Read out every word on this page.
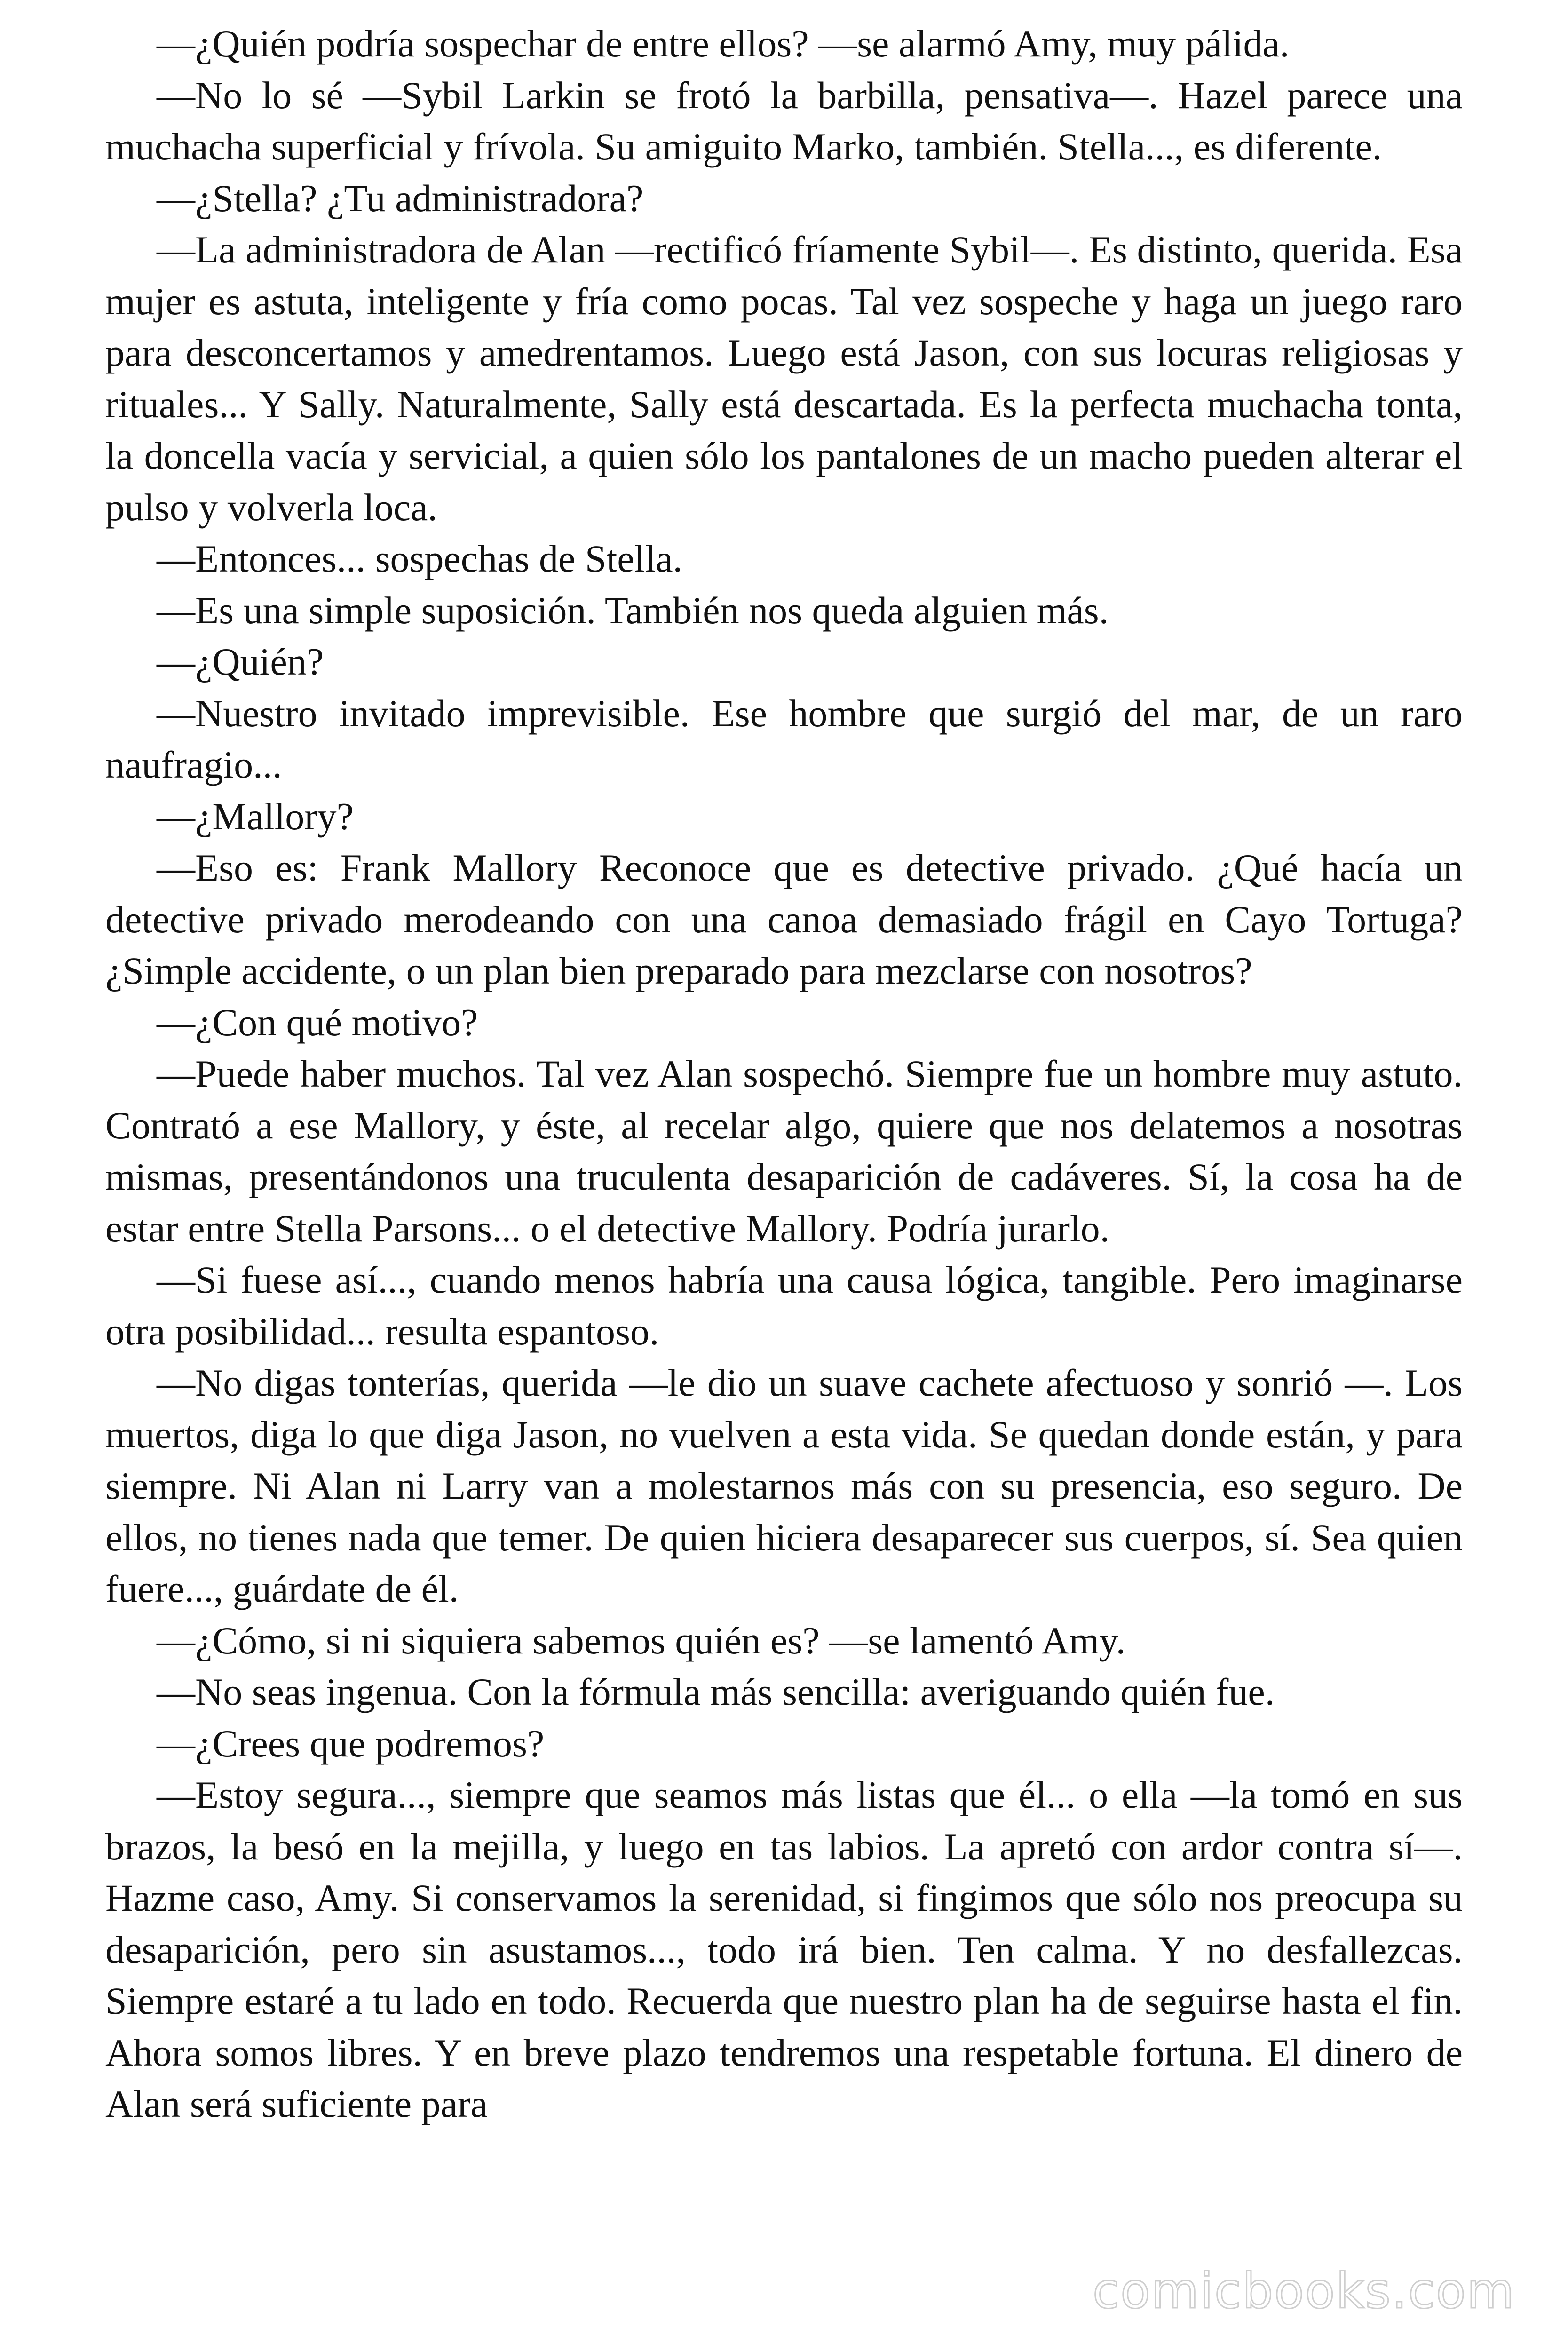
—¿Quién podría sospechar de entre ellos? —se alarmó Amy, muy pálida.

—No lo sé —Sybil Larkin se frotó la barbilla, pensativa—. Hazel parece una muchacha superficial y frívola. Su amiguito Marko, también. Stella..., es diferente.

—¿Stella? ¿Tu administradora?

—La administradora de Alan —rectificó fríamente Sybil—. Es distinto, querida. Esa mujer es astuta, inteligente y fría como pocas. Tal vez sospeche y haga un juego raro para desconcertamos y amedrentamos. Luego está Jason, con sus locuras religiosas y rituales... Y Sally. Naturalmente, Sally está descartada. Es la perfecta muchacha tonta, la doncella vacía y servicial, a quien sólo los pantalones de un macho pueden alterar el pulso y volverla loca.

—Entonces... sospechas de Stella.

—Es una simple suposición. También nos queda alguien más.

—¿Quién?

—Nuestro invitado imprevisible. Ese hombre que surgió del mar, de un raro naufragio...

—¿Mallory?

—Eso es: Frank Mallory Reconoce que es detective privado. ¿Qué hacía un detective privado merodeando con una canoa demasiado frágil en Cayo Tortuga? ¿Simple accidente, o un plan bien preparado para mezclarse con nosotros?

—¿Con qué motivo?

—Puede haber muchos. Tal vez Alan sospechó. Siempre fue un hombre muy astuto. Contrató a ese Mallory, y éste, al recelar algo, quiere que nos delatemos a nosotras mismas, presentándonos una truculenta desaparición de cadáveres. Sí, la cosa ha de estar entre Stella Parsons... o el detective Mallory. Podría jurarlo.

—Si fuese así..., cuando menos habría una causa lógica, tangible. Pero imaginarse otra posibilidad... resulta espantoso.

—No digas tonterías, querida —le dio un suave cachete afectuoso y sonrió —. Los muertos, diga lo que diga Jason, no vuelven a esta vida. Se quedan donde están, y para siempre. Ni Alan ni Larry van a molestarnos más con su presencia, eso seguro. De ellos, no tienes nada que temer. De quien hiciera desaparecer sus cuerpos, sí. Sea quien fuere..., guárdate de él.

—¿Cómo, si ni siquiera sabemos quién es? —se lamentó Amy.

—No seas ingenua. Con la fórmula más sencilla: averiguando quién fue.

—¿Crees que podremos?

—Estoy segura..., siempre que seamos más listas que él... o ella —la tomó en sus brazos, la besó en la mejilla, y luego en tas labios. La apretó con ardor contra sí—. Hazme caso, Amy. Si conservamos la serenidad, si fingimos que sólo nos preocupa su desaparición, pero sin asustamos..., todo irá bien. Ten calma. Y no desfallezcas. Siempre estaré a tu lado en todo. Recuerda que nuestro plan ha de seguirse hasta el fin. Ahora somos libres. Y en breve plazo tendremos una respetable fortuna. El dinero de Alan será suficiente para

comicbooks.com
